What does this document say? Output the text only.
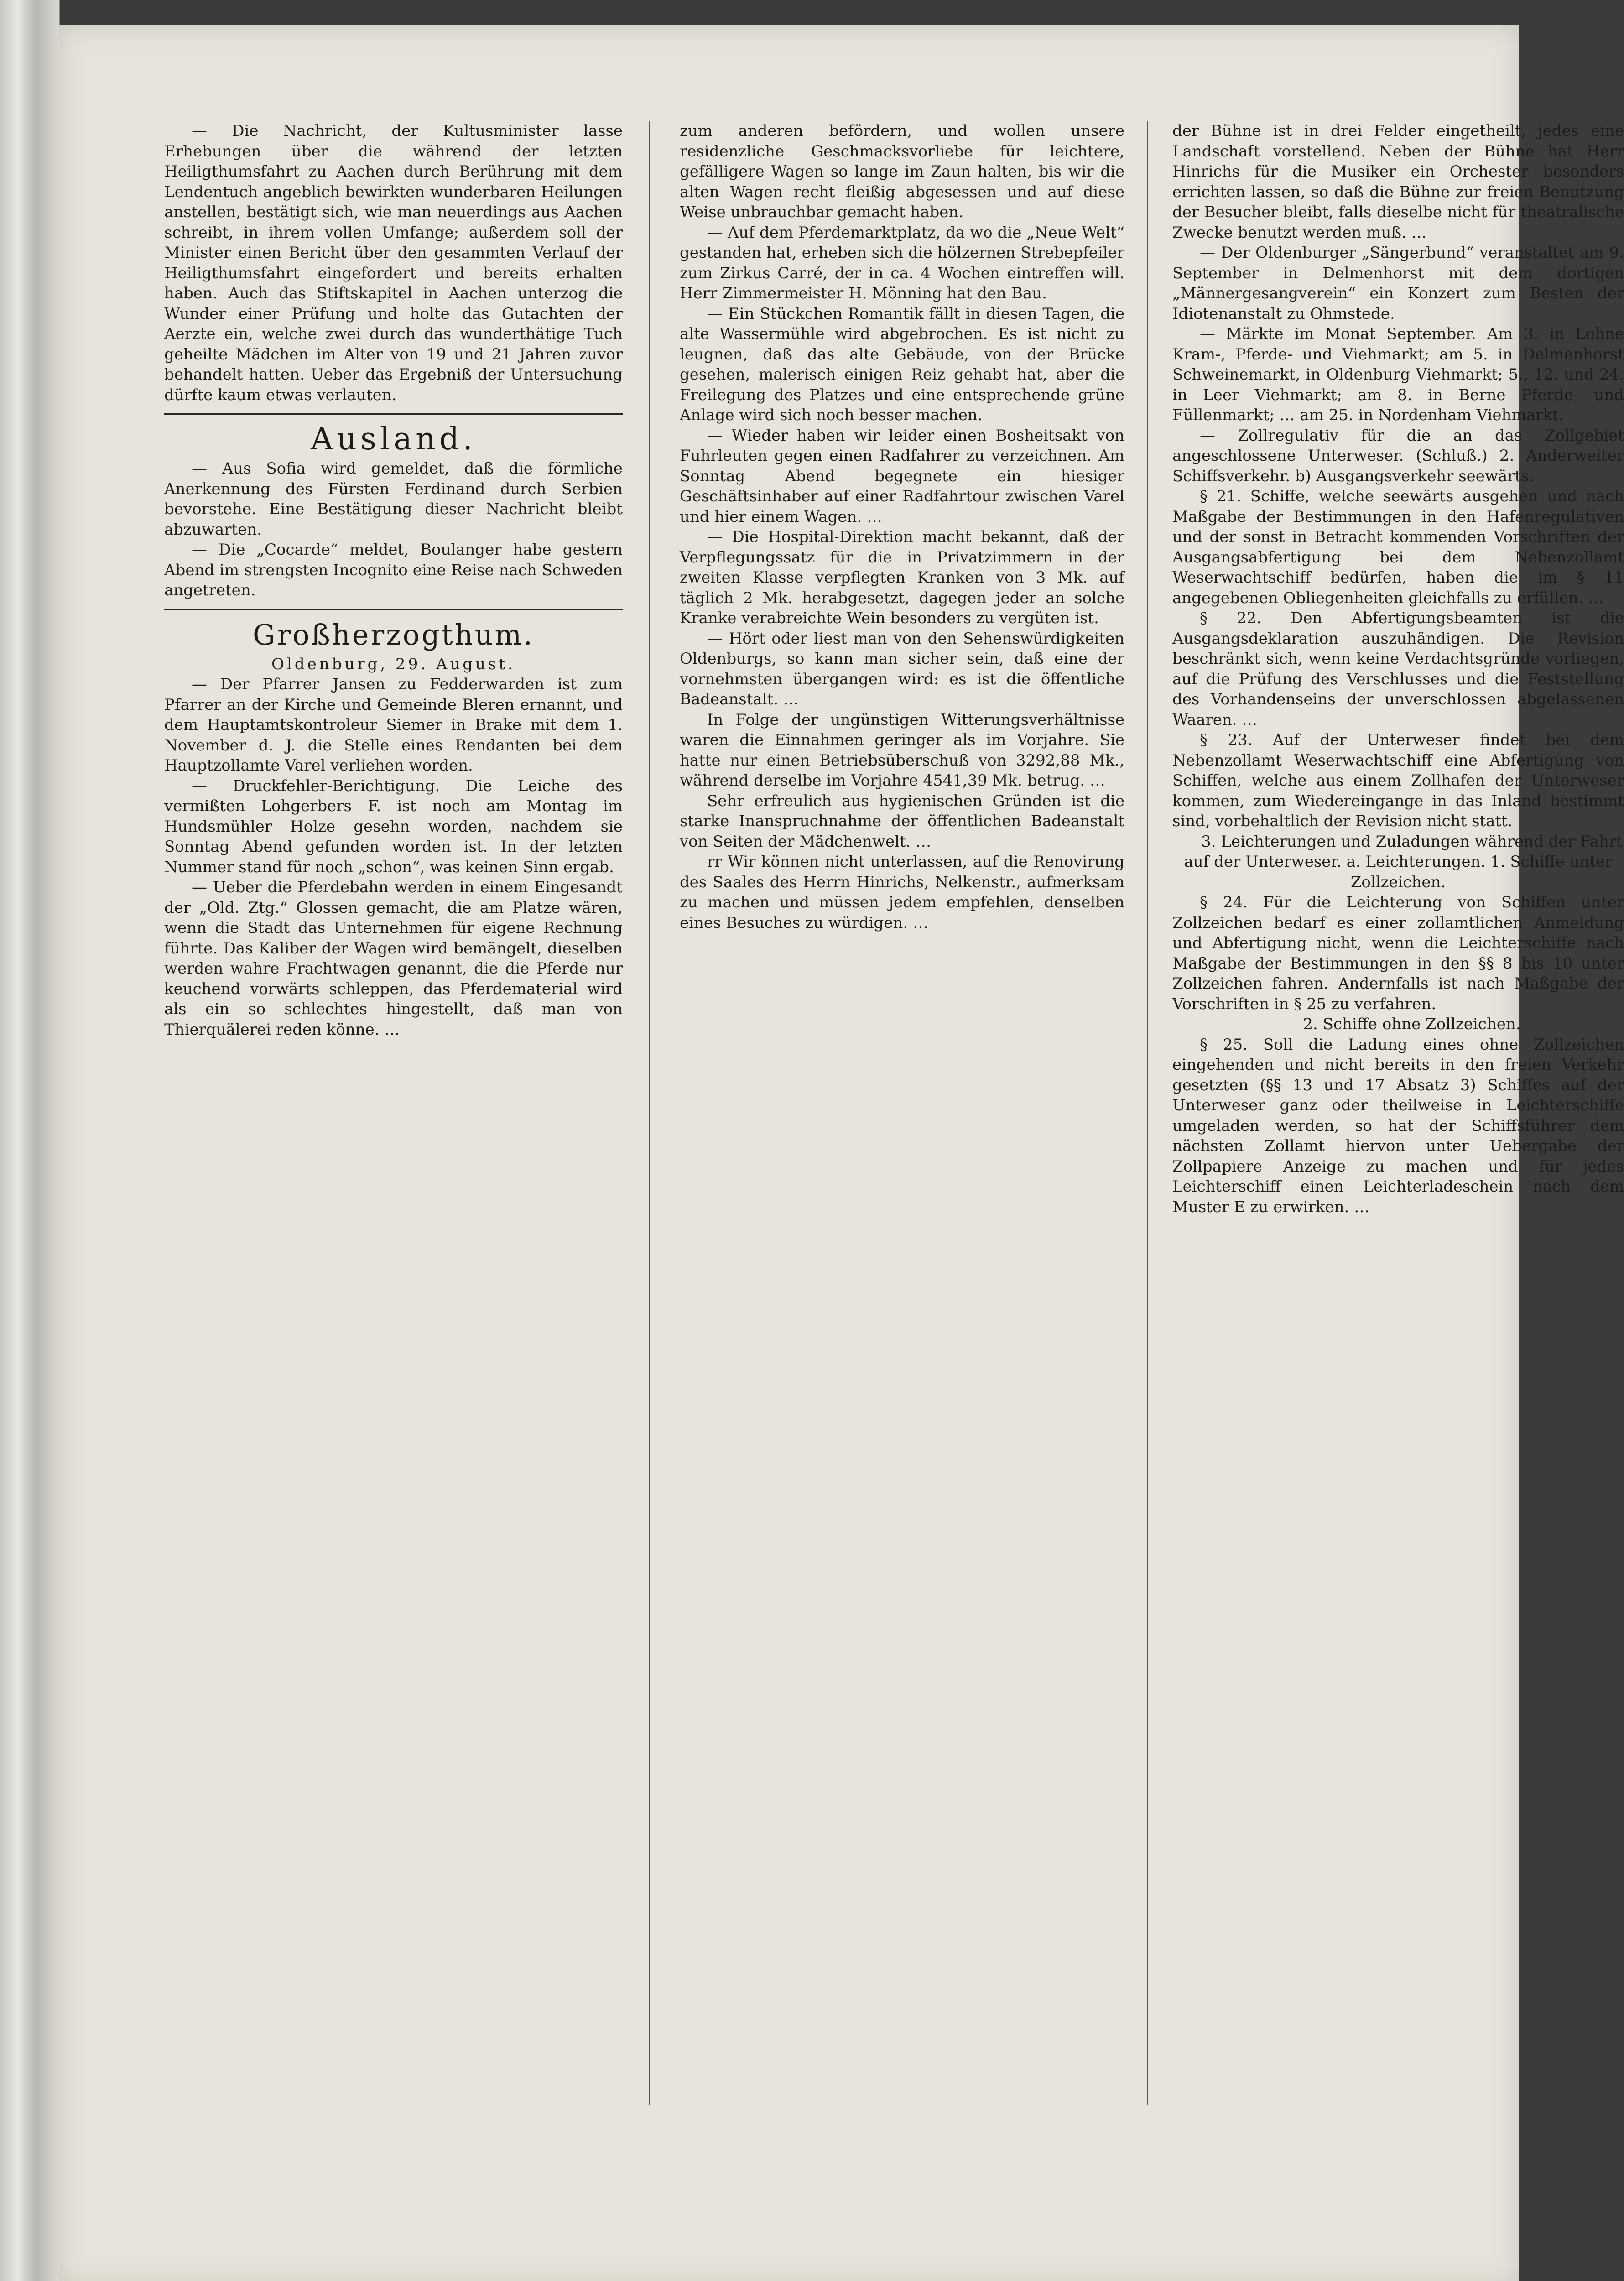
— Die Nachricht, der Kultusminister lasse Erhebungen über die während der letzten Heiligthumsfahrt zu Aachen durch Berührung mit dem Lendentuch angeblich bewirkten wunderbaren Heilungen anstellen, bestätigt sich, wie man neuerdings aus Aachen schreibt, in ihrem vollen Umfange; außerdem soll der Minister einen Bericht über den gesammten Verlauf der Heiligthumsfahrt eingefordert und bereits erhalten haben. Auch das Stiftskapitel in Aachen unterzog die Wunder einer Prüfung und holte das Gutachten der Aerzte ein, welche zwei durch das wunderthätige Tuch geheilte Mädchen im Alter von 19 und 21 Jahren zuvor behandelt hatten. Ueber das Ergebniß der Untersuchung dürfte kaum etwas verlauten.

Ausland.

— Aus Sofia wird gemeldet, daß die förmliche Anerkennung des Fürsten Ferdinand durch Serbien bevorstehe. Eine Bestätigung dieser Nachricht bleibt abzuwarten.

— Die „Cocarde“ meldet, Boulanger habe gestern Abend im strengsten Incognito eine Reise nach Schweden angetreten.

Großherzogthum.

Oldenburg, 29. August.

— Der Pfarrer Jansen zu Fedderwarden ist zum Pfarrer an der Kirche und Gemeinde Bleren ernannt, und dem Hauptamtskontroleur Siemer in Brake mit dem 1. November d. J. die Stelle eines Rendanten bei dem Hauptzollamte Varel verliehen worden.

— Druckfehler-Berichtigung. Die Leiche des vermißten Lohgerbers F. ist noch am Montag im Hundsmühler Holze gesehn worden, nachdem sie Sonntag Abend gefunden worden ist. In der letzten Nummer stand für noch „schon“, was keinen Sinn ergab.

— Ueber die Pferdebahn werden in einem Eingesandt der „Old. Ztg.“ Glossen gemacht, die am Platze wären, wenn die Stadt das Unternehmen für eigene Rechnung führte. Das Kaliber der Wagen wird bemängelt, dieselben werden wahre Frachtwagen genannt, die die Pferde nur keuchend vorwärts schleppen, das Pferdematerial wird als ein so schlechtes hingestellt, daß man von Thierquälerei reden könne. …

zum anderen befördern, und wollen unsere residenzliche Geschmacksvorliebe für leichtere, gefälligere Wagen so lange im Zaun halten, bis wir die alten Wagen recht fleißig abgesessen und auf diese Weise unbrauchbar gemacht haben.

— Auf dem Pferdemarktplatz, da wo die „Neue Welt“ gestanden hat, erheben sich die hölzernen Strebepfeiler zum Zirkus Carré, der in ca. 4 Wochen eintreffen will. Herr Zimmermeister H. Mönning hat den Bau.

— Ein Stückchen Romantik fällt in diesen Tagen, die alte Wassermühle wird abgebrochen. Es ist nicht zu leugnen, daß das alte Gebäude, von der Brücke gesehen, malerisch einigen Reiz gehabt hat, aber die Freilegung des Platzes und eine entsprechende grüne Anlage wird sich noch besser machen.

— Wieder haben wir leider einen Bosheitsakt von Fuhrleuten gegen einen Radfahrer zu verzeichnen. Am Sonntag Abend begegnete ein hiesiger Geschäftsinhaber auf einer Radfahrtour zwischen Varel und hier einem Wagen. …

— Die Hospital-Direktion macht bekannt, daß der Verpflegungssatz für die in Privatzimmern in der zweiten Klasse verpflegten Kranken von 3 Mk. auf täglich 2 Mk. herabgesetzt, dagegen jeder an solche Kranke verabreichte Wein besonders zu vergüten ist.

— Hört oder liest man von den Sehenswürdigkeiten Oldenburgs, so kann man sicher sein, daß eine der vornehmsten übergangen wird: es ist die öffentliche Badeanstalt. …

In Folge der ungünstigen Witterungsverhältnisse waren die Einnahmen geringer als im Vorjahre. Sie hatte nur einen Betriebsüberschuß von 3292,88 Mk., während derselbe im Vorjahre 4541,39 Mk. betrug. …

Sehr erfreulich aus hygienischen Gründen ist die starke Inanspruchnahme der öffentlichen Badeanstalt von Seiten der Mädchenwelt. …

rr Wir können nicht unterlassen, auf die Renovirung des Saales des Herrn Hinrichs, Nelkenstr., aufmerksam zu machen und müssen jedem empfehlen, denselben eines Besuches zu würdigen. …

der Bühne ist in drei Felder eingetheilt, jedes eine Landschaft vorstellend. Neben der Bühne hat Herr Hinrichs für die Musiker ein Orchester besonders errichten lassen, so daß die Bühne zur freien Benutzung der Besucher bleibt, falls dieselbe nicht für theatralische Zwecke benutzt werden muß. …

— Der Oldenburger „Sängerbund“ veranstaltet am 9. September in Delmenhorst mit dem dortigen „Männergesangverein“ ein Konzert zum Besten der Idiotenanstalt zu Ohmstede.

— Märkte im Monat September. Am 3. in Lohne Kram-, Pferde- und Viehmarkt; am 5. in Delmenhorst Schweinemarkt, in Oldenburg Viehmarkt; 5., 12. und 24. in Leer Viehmarkt; am 8. in Berne Pferde- und Füllenmarkt; … am 25. in Nordenham Viehmarkt.

— Zollregulativ für die an das Zollgebiet angeschlossene Unterweser. (Schluß.) 2. Anderweiter Schiffsverkehr. b) Ausgangsverkehr seewärts.

§ 21. Schiffe, welche seewärts ausgehen und nach Maßgabe der Bestimmungen in den Hafenregulativen und der sonst in Betracht kommenden Vorschriften der Ausgangsabfertigung bei dem Nebenzollamt Weserwachtschiff bedürfen, haben die im § 11 angegebenen Obliegenheiten gleichfalls zu erfüllen. …

§ 22. Den Abfertigungsbeamten ist die Ausgangsdeklaration auszuhändigen. Die Revision beschränkt sich, wenn keine Verdachtsgründe vorliegen, auf die Prüfung des Verschlusses und die Feststellung des Vorhandenseins der unverschlossen abgelassenen Waaren. …

§ 23. Auf der Unterweser findet bei dem Nebenzollamt Weserwachtschiff eine Abfertigung von Schiffen, welche aus einem Zollhafen der Unterweser kommen, zum Wiedereingange in das Inland bestimmt sind, vorbehaltlich der Revision nicht statt.

3. Leichterungen und Zuladungen während der Fahrt auf der Unterweser. a. Leichterungen. 1. Schiffe unter Zollzeichen.

§ 24. Für die Leichterung von Schiffen unter Zollzeichen bedarf es einer zollamtlichen Anmeldung und Abfertigung nicht, wenn die Leichterschiffe nach Maßgabe der Bestimmungen in den §§ 8 bis 10 unter Zollzeichen fahren. Andernfalls ist nach Maßgabe der Vorschriften in § 25 zu verfahren.

2. Schiffe ohne Zollzeichen.

§ 25. Soll die Ladung eines ohne Zollzeichen eingehenden und nicht bereits in den freien Verkehr gesetzten (§§ 13 und 17 Absatz 3) Schiffes auf der Unterweser ganz oder theilweise in Leichterschiffe umgeladen werden, so hat der Schiffsführer dem nächsten Zollamt hiervon unter Uebergabe der Zollpapiere Anzeige zu machen und für jedes Leichterschiff einen Leichterladeschein nach dem Muster E zu erwirken. …
